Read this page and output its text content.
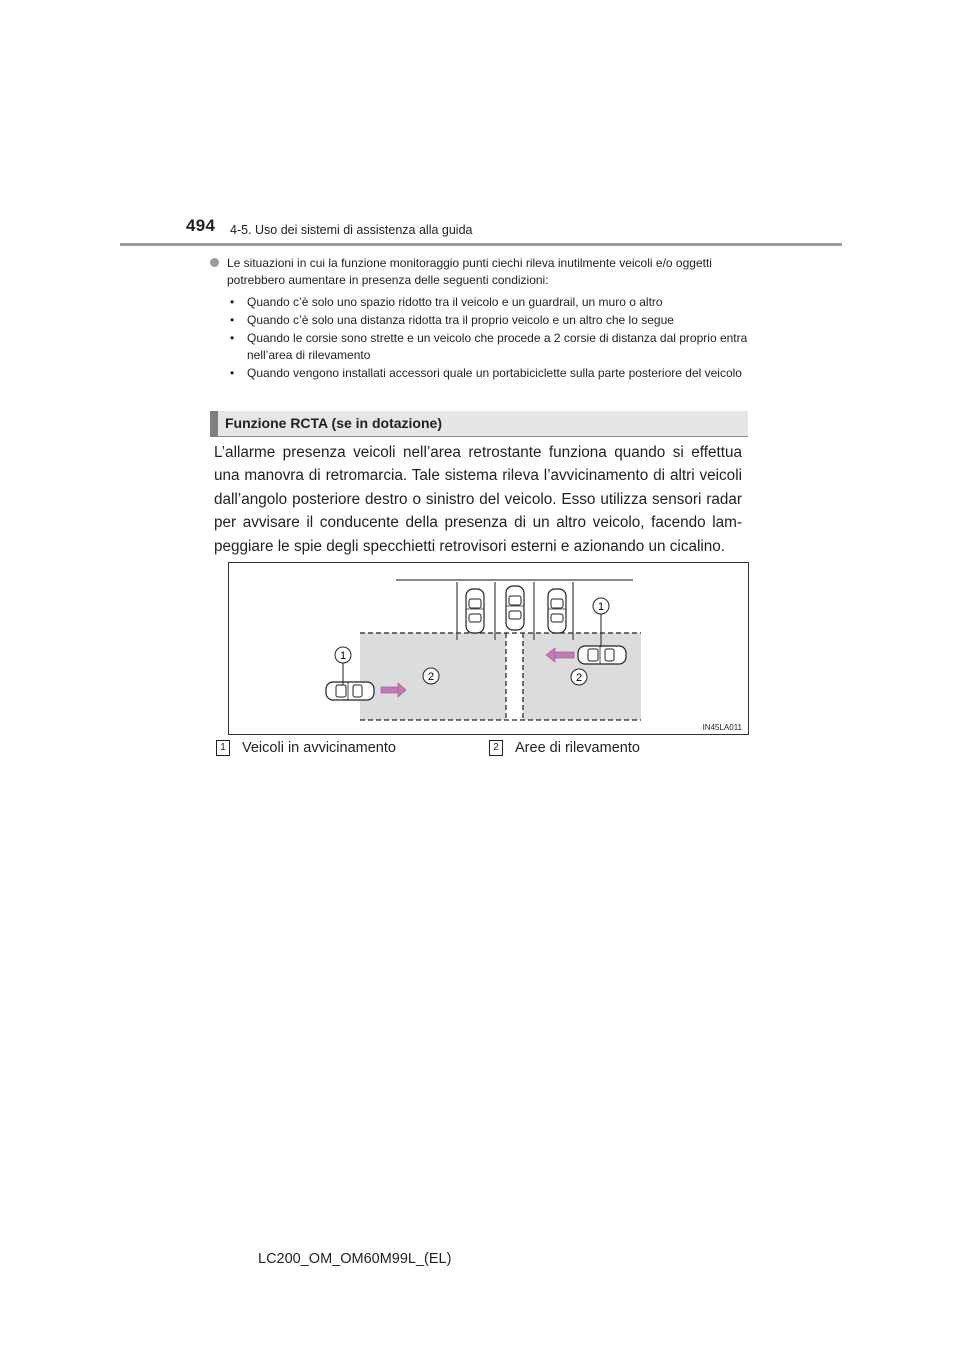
494 4-5. Uso dei sistemi di assistenza alla guida

Le situazioni in cui la funzione monitoraggio punti ciechi rileva inutilmente veicoli e/o oggetti potrebbero aumentare in presenza delle seguenti condizioni:

• Quando c’è solo uno spazio ridotto tra il veicolo e un guardrail, un muro o altro
• Quando c’è solo una distanza ridotta tra il proprio veicolo e un altro che lo segue
• Quando le corsie sono strette e un veicolo che procede a 2 corsie di distanza dal proprio entra nell’area di rilevamento
• Quando vengono installati accessori quale un portabiciclette sulla parte posteriore del veicolo
Funzione RCTA (se in dotazione)
L’allarme presenza veicoli nell’area retrostante funziona quando si effettua una manovra di retromarcia. Tale sistema rileva l’avvicinamento di altri veicoli dall’angolo posteriore destro o sinistro del veicolo. Esso utilizza sensori radar per avvisare il conducente della presenza di un altro veicolo, facendo lam-peggiare le spie degli specchietti retrovisori esterni e azionando un cicalino.
1
1
2	2
IN45LA011
1 Veicoli in avvicinamento	2 Aree di rilevamento
LC200_OM_OM60M99L_(EL)
